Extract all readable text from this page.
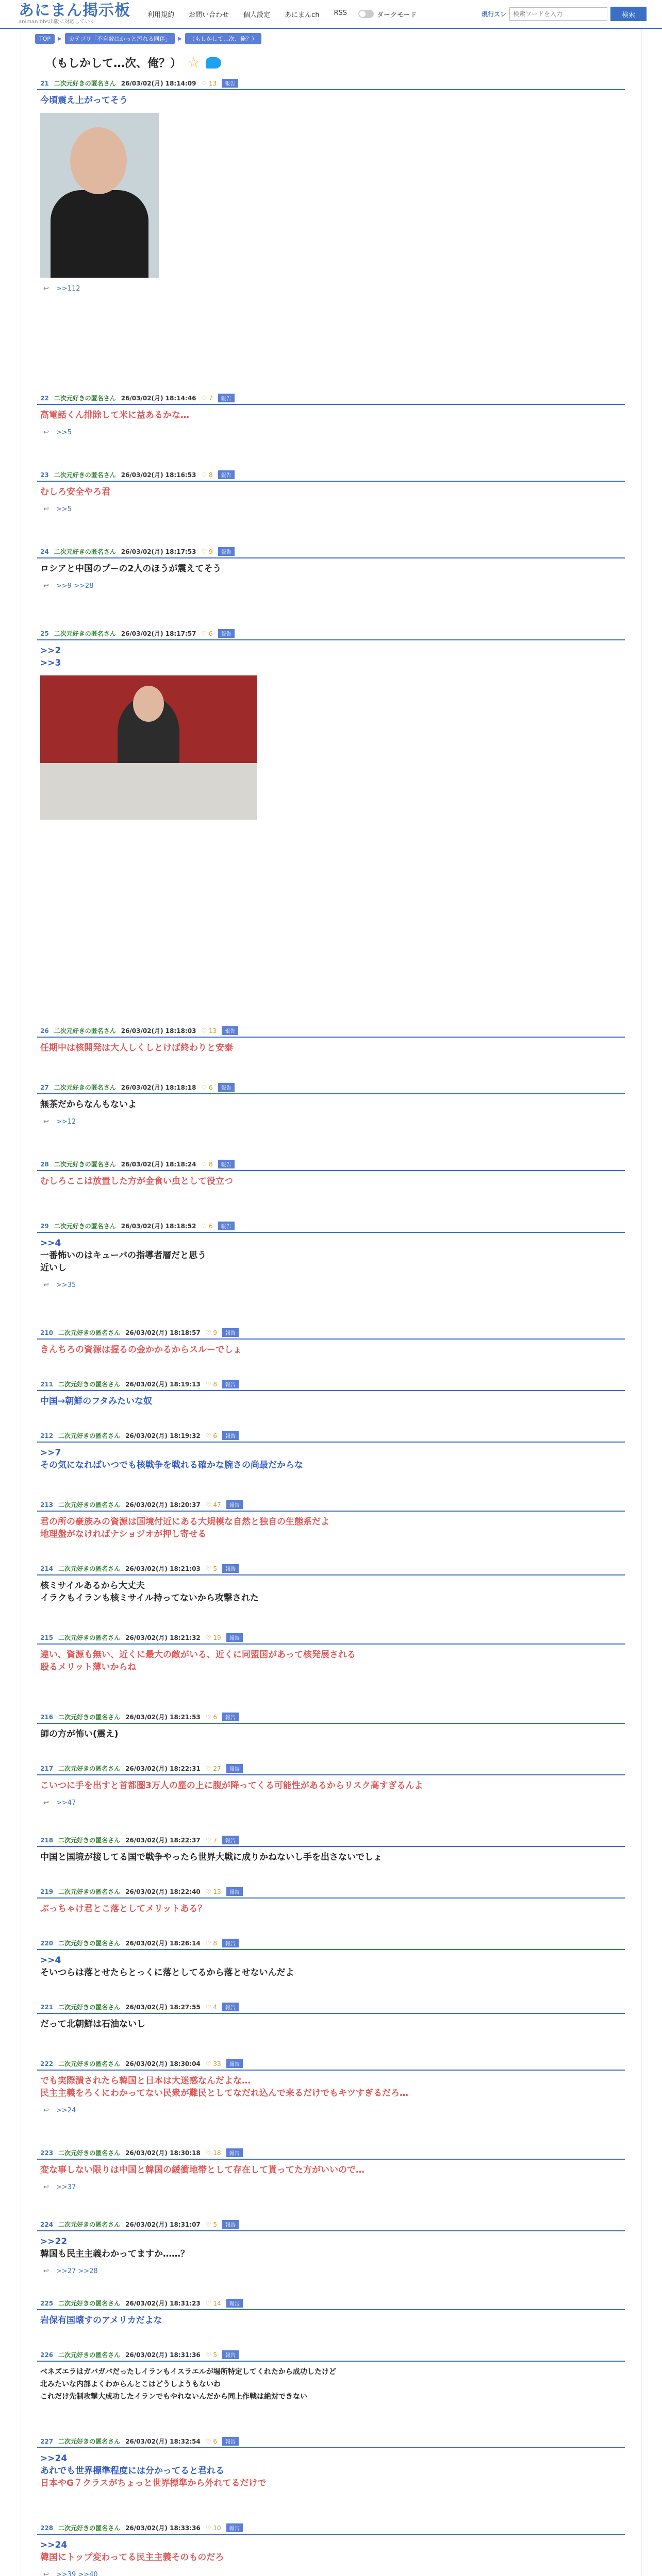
あにまん掲示板
animan bbs出版に対応していく
利用規約 お問い合わせ 個人設定 あにまんch RSS	ダークモード	現行スレ
検索ワードを入力	検索
TOP	▶	カテゴリ「不自敵はかっと汚れる同伴」	▶	（もしかして…次、俺？）
（もしかして…次、俺？） ☆
21 二次元好きの匿名さん 26/03/02(月) 18:14:09 ♡ 13	報告
今頃震え上がってそう
↩ >>112
22 二次元好きの匿名さん 26/03/02(月) 18:14:46 ♡ 7	報告
高電話くん排除して米に益あるかな…
↩ >>5
23 二次元好きの匿名さん 26/03/02(月) 18:16:53 ♡ 8	報告
むしろ安全やろ君
↩ >>5
24 二次元好きの匿名さん 26/03/02(月) 18:17:53 ♡ 9	報告
ロシアと中国のプーの2人のほうが震えてそう
↩ >>9 >>28
25 二次元好きの匿名さん 26/03/02(月) 18:17:57 ♡ 6	報告
>>2
>>3
26 二次元好きの匿名さん 26/03/02(月) 18:18:03 ♡ 13	報告
任期中は核開発は大人しくしとけば終わりと安泰
27 二次元好きの匿名さん 26/03/02(月) 18:18:18 ♡ 6	報告
無茶だからなんもないよ
↩ >>12
28 二次元好きの匿名さん 26/03/02(月) 18:18:24 ♡ 8	報告
むしろここは放置した方が金食い虫として役立つ
29 二次元好きの匿名さん 26/03/02(月) 18:18:52 ♡ 6	報告
>>4
一番怖いのはキューバの指導者層だと思う
近いし
↩ >>35
210 二次元好きの匿名さん 26/03/02(月) 18:18:57 ♡ 9	報告
きんちろの資源は握るの金かかるからスルーでしょ
211 二次元好きの匿名さん 26/03/02(月) 18:19:13 ♡ 8	報告
中国→朝鮮のフタみたいな奴
212 二次元好きの匿名さん 26/03/02(月) 18:19:32 ♡ 6	報告
>>7
その気になればいつでも核戦争を戦れる確かな腕さの尚最だからな
213 二次元好きの匿名さん 26/03/02(月) 18:20:37 ♡ 47	報告
君の所の豪族みの資源は国境付近にある大規模な自然と独自の生態系だよ
地理盤がなければナショジオが押し寄せる
214 二次元好きの匿名さん 26/03/02(月) 18:21:03 ♡ 5	報告
核ミサイルあるから大丈夫
イラクもイランも核ミサイル持ってないから攻撃された
215 二次元好きの匿名さん 26/03/02(月) 18:21:32 ♡ 19	報告
違い、資源も無い、近くに最大の敵がいる、近くに同盟国があって核発展される
殴るメリット薄いからね
216 二次元好きの匿名さん 26/03/02(月) 18:21:53 ♡ 6	報告
師の方が怖い(震え)
217 二次元好きの匿名さん 26/03/02(月) 18:22:31 ♡ 27	報告
こいつに手を出すと首都圏3万人の塵の上に腹が降ってくる可能性があるからリスク高すぎるんよ
↩ >>47
218 二次元好きの匿名さん 26/03/02(月) 18:22:37 ♡ 7	報告
中国と国境が接してる国で戦争やったら世界大戦に成りかねないし手を出さないでしょ
219 二次元好きの匿名さん 26/03/02(月) 18:22:40 ♡ 13	報告
ぶっちゃけ君とこ落としてメリットある？
220 二次元好きの匿名さん 26/03/02(月) 18:26:14 ♡ 8	報告
>>4
そいつらは落とせたらとっくに落としてるから落とせないんだよ
221 二次元好きの匿名さん 26/03/02(月) 18:27:55 ♡ 4	報告
だって北朝鮮は石油ないし
222 二次元好きの匿名さん 26/03/02(月) 18:30:04 ♡ 33	報告
でも実際潰されたら韓国と日本は大迷惑なんだよな…
民主主義をろくにわかってない民衆が難民としてなだれ込んで来るだけでもキツすぎるだろ…
↩ >>24
223 二次元好きの匿名さん 26/03/02(月) 18:30:18 ♡ 18	報告
変な事しない限りは中国と韓国の緩衝地帯として存在して貰ってた方がいいので…
↩ >>37
224 二次元好きの匿名さん 26/03/02(月) 18:31:07 ♡ 5	報告
>>22
韓国も民主主義わかってますか……？
↩ >>27 >>28
225 二次元好きの匿名さん 26/03/02(月) 18:31:23 ♡ 14	報告
岩保有国壊すのアメリカだよな
226 二次元好きの匿名さん 26/03/02(月) 18:31:36 ♡ 5	報告
ベネズエラはガバガバだったしイランもイスラエルが場所特定してくれたから成功したけど
北みたいな内部よくわからんとこはどうしようもないわ
これだけ先制攻撃大成功したイランでもやれないんだから同上作戦は絶対できない
227 二次元好きの匿名さん 26/03/02(月) 18:32:54 ♡ 6	報告
>>24
あれでも世界標準程度には分かってると君れる
日本やG７クラスがちょっと世界標準から外れてるだけで
228 二次元好きの匿名さん 26/03/02(月) 18:33:36 ♡ 10	報告
>>24
韓国にトップ変わってる民主主義そのものだろ
↩ >>39 >>40
